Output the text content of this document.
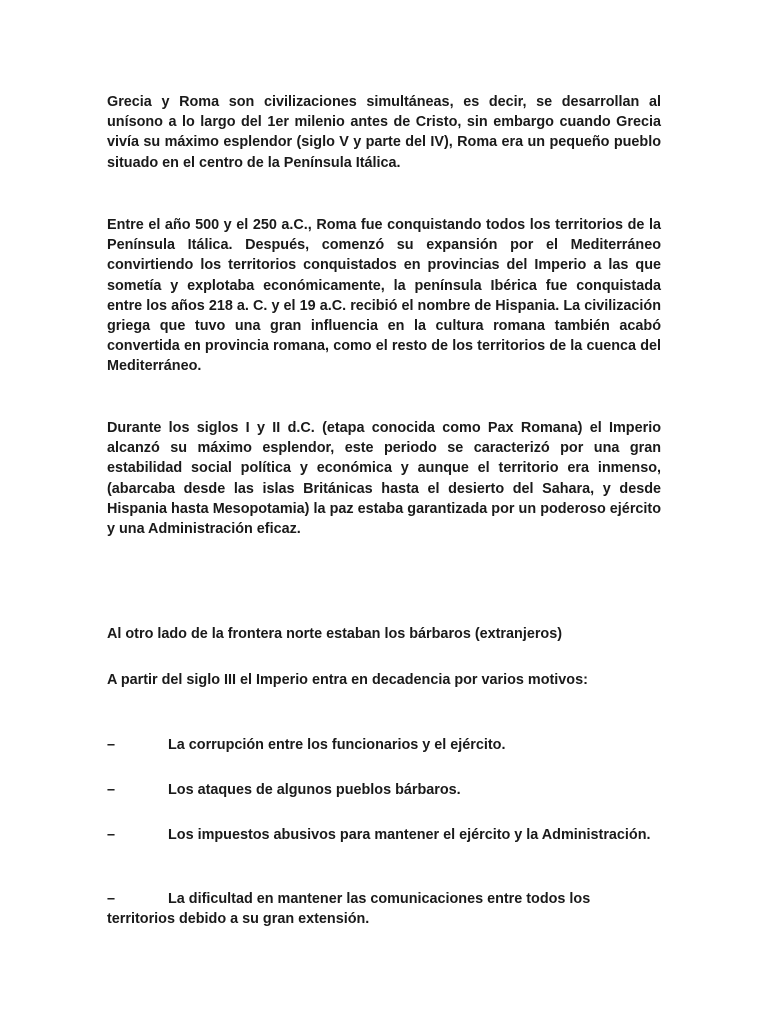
Grecia y Roma son civilizaciones simultáneas, es decir, se desarrollan al unísono a lo largo del 1er milenio antes de Cristo, sin embargo cuando Grecia vivía su máximo esplendor (siglo V y parte del IV), Roma era un pequeño pueblo situado en el centro de la Península Itálica.

Entre el año 500 y el 250 a.C., Roma fue conquistando todos los territorios de la Península Itálica. Después, comenzó su expansión por el Mediterráneo convirtiendo los territorios conquistados en provincias del Imperio a las que sometía y explotaba económicamente, la península Ibérica fue conquistada entre los años 218 a. C. y el 19 a.C. recibió el nombre de Hispania. La civilización griega que tuvo una gran influencia en la cultura romana también acabó convertida en provincia romana, como el resto de los territorios de la cuenca del Mediterráneo.

Durante los siglos I y II d.C. (etapa conocida como Pax Romana) el Imperio alcanzó su máximo esplendor, este periodo se caracterizó por una gran estabilidad social política y económica y aunque el territorio era inmenso, (abarcaba desde las islas Británicas hasta el desierto del Sahara, y desde Hispania hasta Mesopotamia) la paz estaba garantizada por un poderoso ejército y una Administración eficaz.

Al otro lado de la frontera norte estaban los bárbaros (extranjeros)

A partir del siglo III el Imperio entra en decadencia por varios motivos:

–	La corrupción entre los funcionarios y el ejército.

–	Los ataques de algunos pueblos bárbaros.

–	Los impuestos abusivos para mantener el ejército y la Administración.

–	La dificultad en mantener las comunicaciones entre todos los territorios debido a su gran extensión.
